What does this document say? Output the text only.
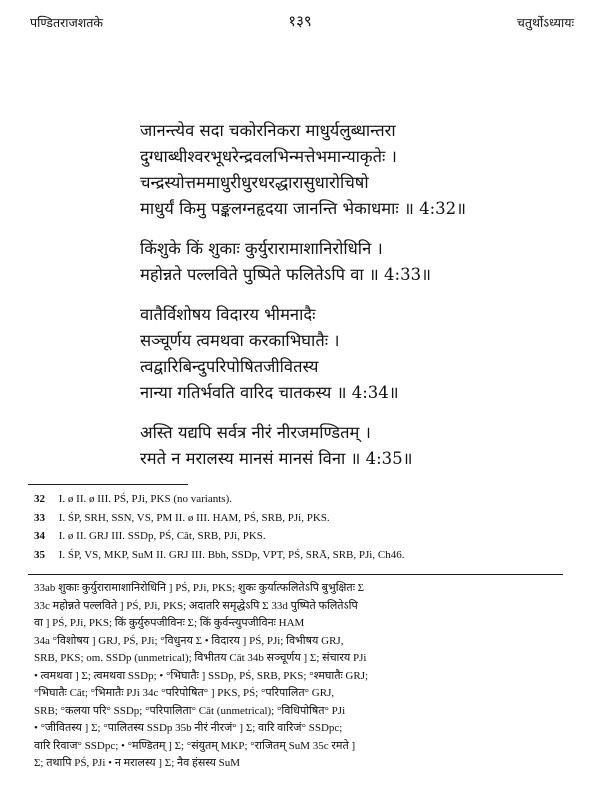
पण्डितराजशतके	१३९	चतुर्थोऽध्यायः
जानन्त्येव सदा चकोरनिकरा माधुर्यलुब्धान्तरा
दुग्धाब्धीश्वरभूधरेन्द्रवलभिन्मत्तेभमान्याकृतेः ।
चन्द्रस्योत्तममाधुरीधुरधरद्धारासुधारोचिषो
माधुर्यं किमु पङ्कलग्नहृदया जानन्ति भेकाधमाः ॥ 4:32॥
किंशुके किं शुकाः कुर्युरारामाशानिरोधिनि ।
महोन्नते पल्लविते पुष्पिते फलितेऽपि वा ॥ 4:33॥
वातैर्विशोषय विदारय भीमनादैः
सञ्चूर्णय त्वमथवा करकाभिघातैः ।
त्वद्वारिबिन्दुपरिपोषितजीवितस्य
नान्या गतिर्भवति वारिद चातकस्य ॥ 4:34॥
अस्ति यद्यपि सर्वत्र नीरं नीरजमण्डितम् ।
रमते न मरालस्य मानसं मानसं विना ॥ 4:35॥
32 I. ø II. ø III. PŚ, PJi, PKS (no variants).
33 I. ŚP, SRH, SSN, VS, PM II. ø III. HAM, PŚ, SRB, PJi, PKS.
34 I. ø II. GRJ III. SSDp, PŚ, Cāt, SRB, PJi, PKS.
35 I. ŚP, VS, MKP, SuM II. GRJ III. Bbh, SSDp, VPT, PŚ, SRĀ, SRB, PJi, Ch46.
33ab शुकाः कुर्युरारामाशानिरोधिनि ] PŚ, PJi, PKS; शुकः कुर्यात्फलितेऽपि बुभुक्षितः Σ
33c महोन्नते पल्लविते ] PŚ, PJi, PKS; अदातरि समृद्धेऽपि Σ 33d पुष्पिते फलितेऽपि
वा ] PŚ, PJi, PKS; किं कुर्युरुपजीविनः Σ; किं कुर्वन्त्युपजीविनः HAM
34a °विशोषय ] GRJ, PŚ, PJi; °विधुनय Σ • विदारय ] PŚ, PJi; विभीषय GRJ,
SRB, PKS; om. SSDp (unmetrical); विभीतय Cāt 34b सञ्चूर्णय ] Σ; संचारय PJi
• त्वमथवा ] Σ; त्वमथवा SSDp; • °भिघातैः ] SSDp, PŚ, SRB, PKS; °श्मघातैः GRJ;
°भिघातैः Cāt; °भिमातैः PJi 34c °परिपोषित° ] PKS, PŚ; °परिपालित° GRJ,
SRB; °कलया परि° SSDp; °परिपालिता° Cāt (unmetrical); °विधिपोषित° PJi
• °जीवितस्य ] Σ; °पालितस्य SSDp 35b नीरं नीरजं° ] Σ; वारि वारिजं° SSDpc;
वारि रिवाज° SSDpc; • °मण्डितम् ] Σ; °संयुतम् MKP; °राजितम् SuM 35c रमते ]
Σ; तथापि PŚ, PJi • न मरालस्य ] Σ; नैव हंसस्य SuM
